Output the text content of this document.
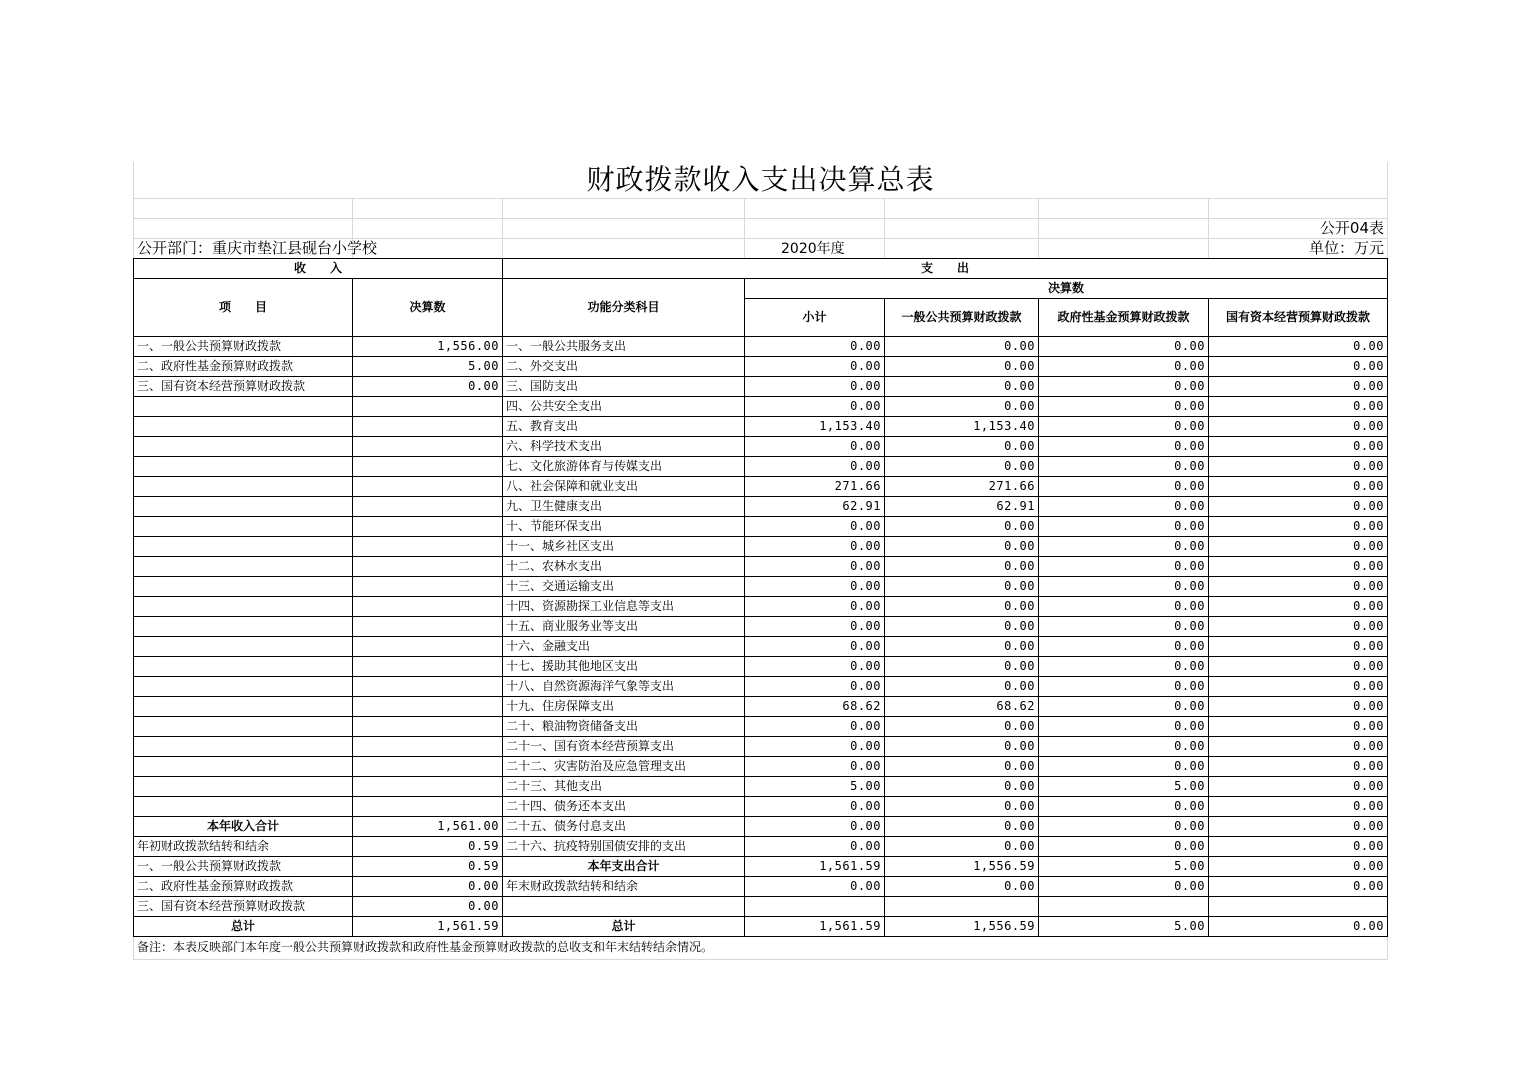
财政拨款收入支出决算总表
公开04表
单位：万元
公开部门：重庆市垫江县砚台小学校	2020年度
收　　入		支　　出				
项　　目	决算数	功能分类科目	决算数			
			小计	一般公共预算财政拨款	政府性基金预算财政拨款	国有资本经营预算财政拨款
一、一般公共预算财政拨款	1,556.00	一、一般公共服务支出	0.00	0.00	0.00	0.00
二、政府性基金预算财政拨款	5.00	二、外交支出	0.00	0.00	0.00	0.00
三、国有资本经营预算财政拨款	0.00	三、国防支出	0.00	0.00	0.00	0.00
		四、公共安全支出	0.00	0.00	0.00	0.00
		五、教育支出	1,153.40	1,153.40	0.00	0.00
		六、科学技术支出	0.00	0.00	0.00	0.00
		七、文化旅游体育与传媒支出	0.00	0.00	0.00	0.00
		八、社会保障和就业支出	271.66	271.66	0.00	0.00
		九、卫生健康支出	62.91	62.91	0.00	0.00
		十、节能环保支出	0.00	0.00	0.00	0.00
		十一、城乡社区支出	0.00	0.00	0.00	0.00
		十二、农林水支出	0.00	0.00	0.00	0.00
		十三、交通运输支出	0.00	0.00	0.00	0.00
		十四、资源勘探工业信息等支出	0.00	0.00	0.00	0.00
		十五、商业服务业等支出	0.00	0.00	0.00	0.00
		十六、金融支出	0.00	0.00	0.00	0.00
		十七、援助其他地区支出	0.00	0.00	0.00	0.00
		十八、自然资源海洋气象等支出	0.00	0.00	0.00	0.00
		十九、住房保障支出	68.62	68.62	0.00	0.00
		二十、粮油物资储备支出	0.00	0.00	0.00	0.00
		二十一、国有资本经营预算支出	0.00	0.00	0.00	0.00
		二十二、灾害防治及应急管理支出	0.00	0.00	0.00	0.00
		二十三、其他支出	5.00	0.00	5.00	0.00
		二十四、债务还本支出	0.00	0.00	0.00	0.00
本年收入合计	1,561.00	二十五、债务付息支出	0.00	0.00	0.00	0.00
年初财政拨款结转和结余	0.59	二十六、抗疫特别国债安排的支出	0.00	0.00	0.00	0.00
一、一般公共预算财政拨款	0.59	本年支出合计	1,561.59	1,556.59	5.00	0.00
二、政府性基金预算财政拨款	0.00	年末财政拨款结转和结余	0.00	0.00	0.00	0.00
三、国有资本经营预算财政拨款	0.00					
总计	1,561.59	总计	1,561.59	1,556.59	5.00	0.00
备注：本表反映部门本年度一般公共预算财政拨款和政府性基金预算财政拨款的总收支和年末结转结余情况。
